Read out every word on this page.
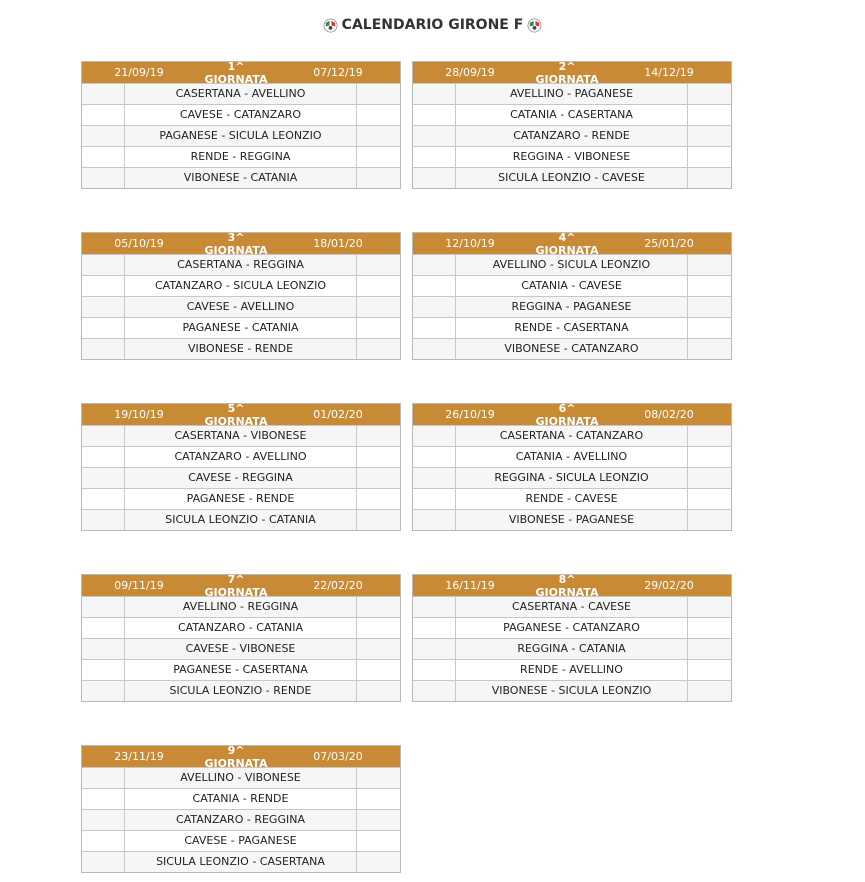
CALENDARIO GIRONE F
21/09/19	1^ GIORNATA	07/12/19
CASERTANA - AVELLINO
CAVESE - CATANZARO
PAGANESE - SICULA LEONZIO
RENDE - REGGINA
VIBONESE - CATANIA
28/09/19	2^ GIORNATA	14/12/19
AVELLINO - PAGANESE
CATANIA - CASERTANA
CATANZARO - RENDE
REGGINA - VIBONESE
SICULA LEONZIO - CAVESE
05/10/19	3^ GIORNATA	18/01/20
CASERTANA - REGGINA
CATANZARO - SICULA LEONZIO
CAVESE - AVELLINO
PAGANESE - CATANIA
VIBONESE - RENDE
12/10/19	4^ GIORNATA	25/01/20
AVELLINO - SICULA LEONZIO
CATANIA - CAVESE
REGGINA - PAGANESE
RENDE - CASERTANA
VIBONESE - CATANZARO
19/10/19	5^ GIORNATA	01/02/20
CASERTANA - VIBONESE
CATANZARO - AVELLINO
CAVESE - REGGINA
PAGANESE - RENDE
SICULA LEONZIO - CATANIA
26/10/19	6^ GIORNATA	08/02/20
CASERTANA - CATANZARO
CATANIA - AVELLINO
REGGINA - SICULA LEONZIO
RENDE - CAVESE
VIBONESE - PAGANESE
09/11/19	7^ GIORNATA	22/02/20
AVELLINO - REGGINA
CATANZARO - CATANIA
CAVESE - VIBONESE
PAGANESE - CASERTANA
SICULA LEONZIO - RENDE
16/11/19	8^ GIORNATA	29/02/20
CASERTANA - CAVESE
PAGANESE - CATANZARO
REGGINA - CATANIA
RENDE - AVELLINO
VIBONESE - SICULA LEONZIO
23/11/19	9^ GIORNATA	07/03/20
AVELLINO - VIBONESE
CATANIA - RENDE
CATANZARO - REGGINA
CAVESE - PAGANESE
SICULA LEONZIO - CASERTANA
